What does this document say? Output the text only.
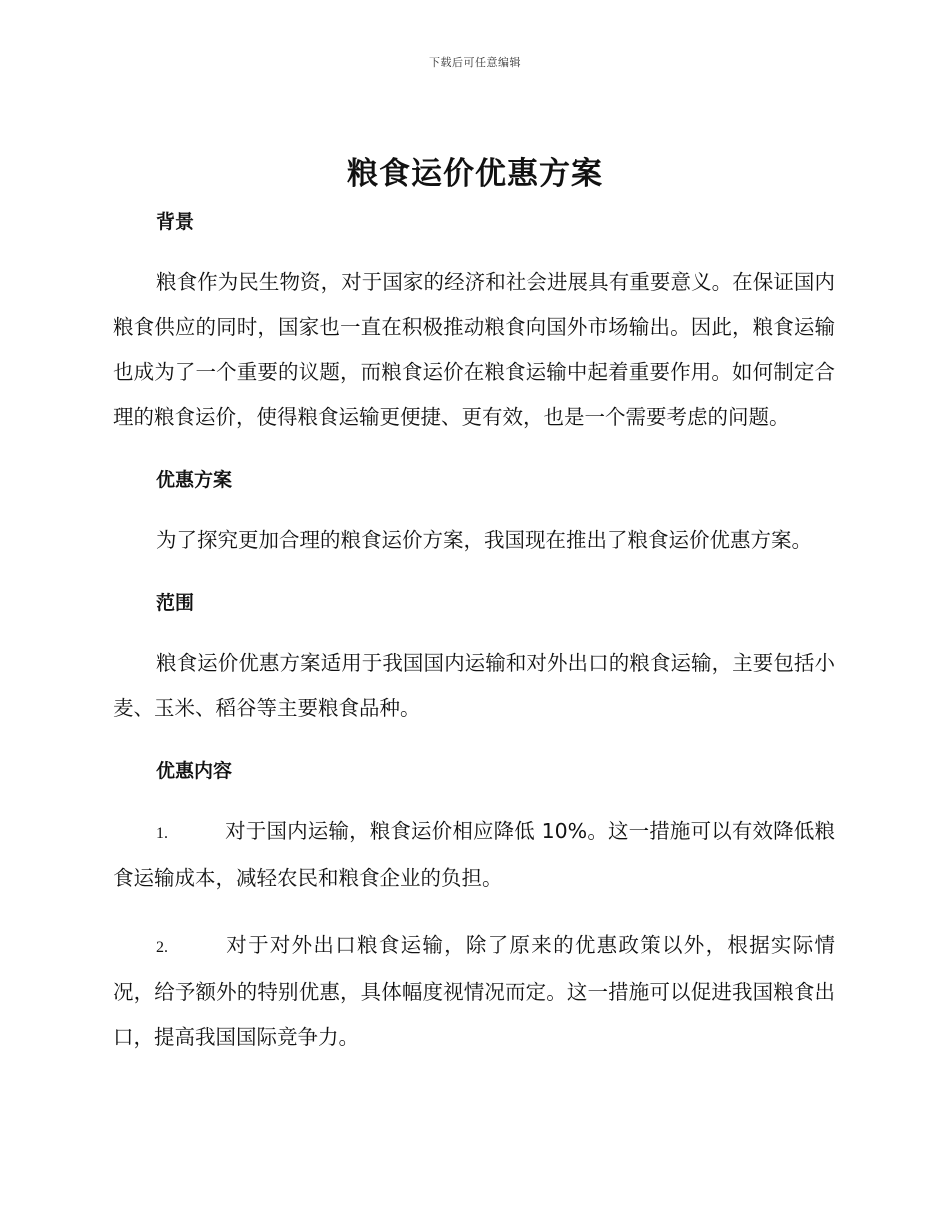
下载后可任意编辑
粮食运价优惠方案

背景

粮食作为民生物资，对于国家的经济和社会进展具有重要意义。在保证国内粮食供应的同时，国家也一直在积极推动粮食向国外市场输出。因此，粮食运输也成为了一个重要的议题，而粮食运价在粮食运输中起着重要作用。如何制定合理的粮食运价，使得粮食运输更便捷、更有效，也是一个需要考虑的问题。

优惠方案

为了探究更加合理的粮食运价方案，我国现在推出了粮食运价优惠方案。

范围

粮食运价优惠方案适用于我国国内运输和对外出口的粮食运输，主要包括小麦、玉米、稻谷等主要粮食品种。

优惠内容

1.	对于国内运输，粮食运价相应降低 10%。这一措施可以有效降低粮食运输成本，减轻农民和粮食企业的负担。

2.	对于对外出口粮食运输，除了原来的优惠政策以外，根据实际情况，给予额外的特别优惠，具体幅度视情况而定。这一措施可以促进我国粮食出口，提高我国国际竞争力。
